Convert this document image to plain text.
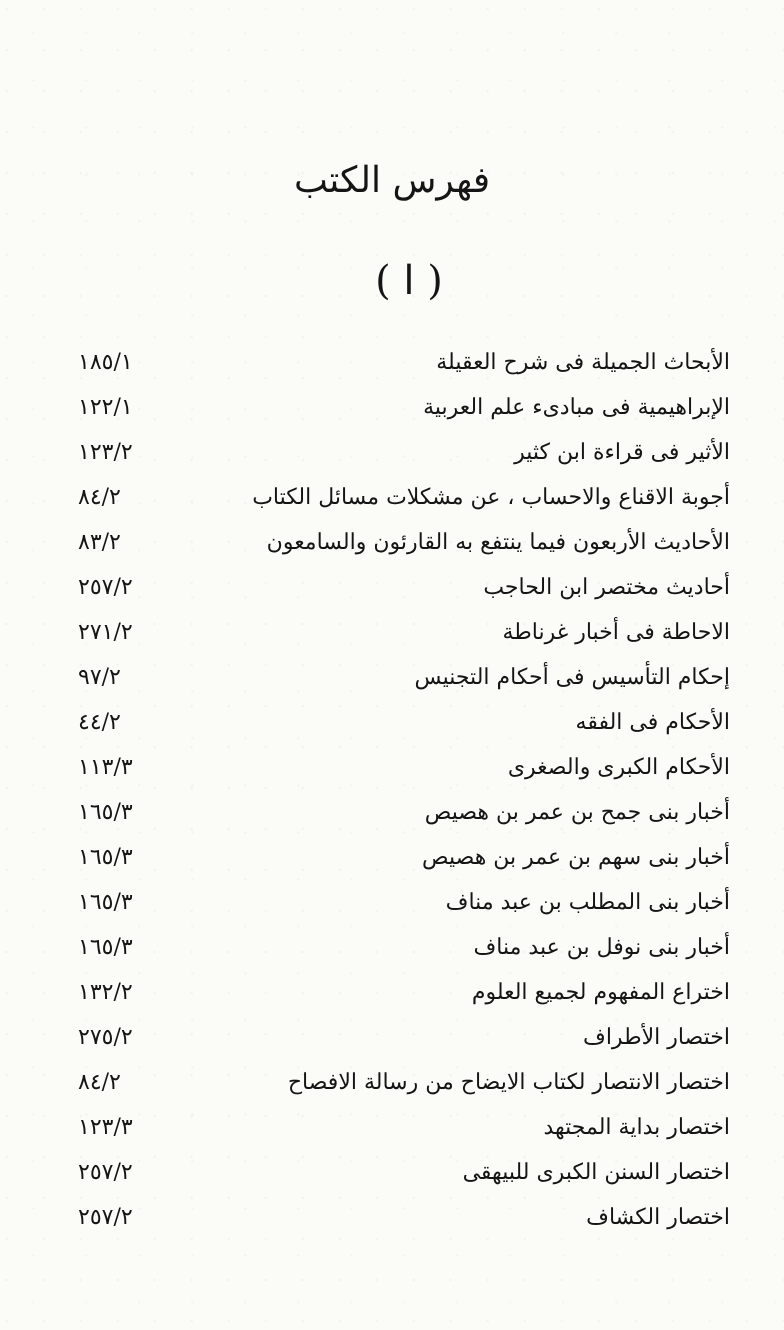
فهرس الكتب
( ا )
الأبحاث الجميلة فى شرح العقيلة
١٨٥/١
الإبراهيمية فى مبادىء علم العربية
١٢٢/١
الأثير فى قراءة ابن كثير
١٢٣/٢
أجوبة الاقناع والاحساب ، عن مشكلات مسائل الكتاب
٨٤/٢
الأحاديث الأربعون فيما ينتفع به القارئون والسامعون
٨٣/٢
أحاديث مختصر ابن الحاجب
٢٥٧/٢
الاحاطة فى أخبار غرناطة
٢٧١/٢
إحكام التأسيس فى أحكام التجنيس
٩٧/٢
الأحكام فى الفقه
٤٤/٢
الأحكام الكبرى والصغرى
١١٣/٣
أخبار بنى جمح بن عمر بن هصيص
١٦٥/٣
أخبار بنى سهم بن عمر بن هصيص
١٦٥/٣
أخبار بنى المطلب بن عبد مناف
١٦٥/٣
أخبار بنى نوفل بن عبد مناف
١٦٥/٣
اختراع المفهوم لجميع العلوم
١٣٢/٢
اختصار الأطراف
٢٧٥/٢
اختصار الانتصار لكتاب الايضاح من رسالة الافصاح
٨٤/٢
اختصار بداية المجتهد
١٢٣/٣
اختصار السنن الكبرى للبيهقى
٢٥٧/٢
اختصار الكشاف
٢٥٧/٢
